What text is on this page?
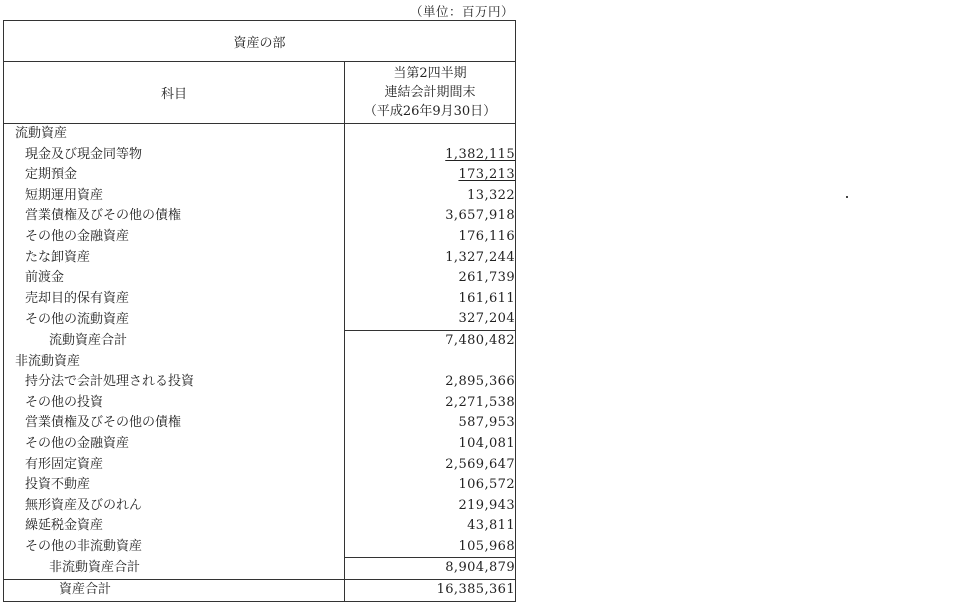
（単位：百万円）
資産の部	
科目	当第2四半期
連結会計期間末
（平成26年9月30日）

流動資産	
現金及び現金同等物	1,382,115
定期預金	173,213
短期運用資産	13,322
営業債権及びその他の債権	3,657,918
その他の金融資産	176,116
たな卸資産	1,327,244
前渡金	261,739
売却目的保有資産	161,611
その他の流動資産	327,204
流動資産合計	7,480,482
非流動資産	
持分法で会計処理される投資	2,895,366
その他の投資	2,271,538
営業債権及びその他の債権	587,953
その他の金融資産	104,081
有形固定資産	2,569,647
投資不動産	106,572
無形資産及びのれん	219,943
繰延税金資産	43,811
その他の非流動資産	105,968
非流動資産合計	8,904,879
資産合計	16,385,361
